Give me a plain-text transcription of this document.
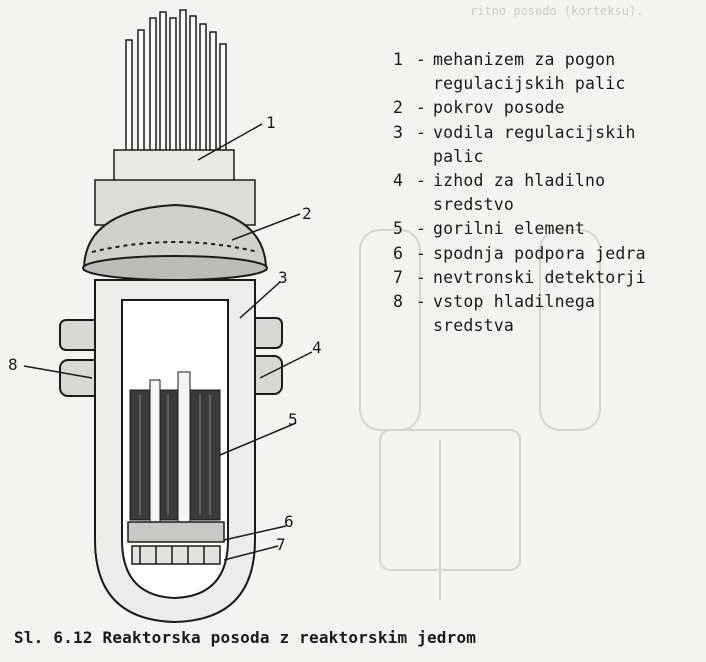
ritno posodo (korteksu).
1
2
3
4
5
6
7
8
1 - mehanizem za pogon
regulacijskih palic
2 - pokrov posode
3 - vodila regulacijskih
palic
4 - izhod za hladilno
sredstvo
5 - gorilni element
6 - spodnja podpora jedra
7 - nevtronski detektorji
8 - vstop hladilnega
sredstva
Sl. 6.12 Reaktorska posoda z reaktorskim jedrom
